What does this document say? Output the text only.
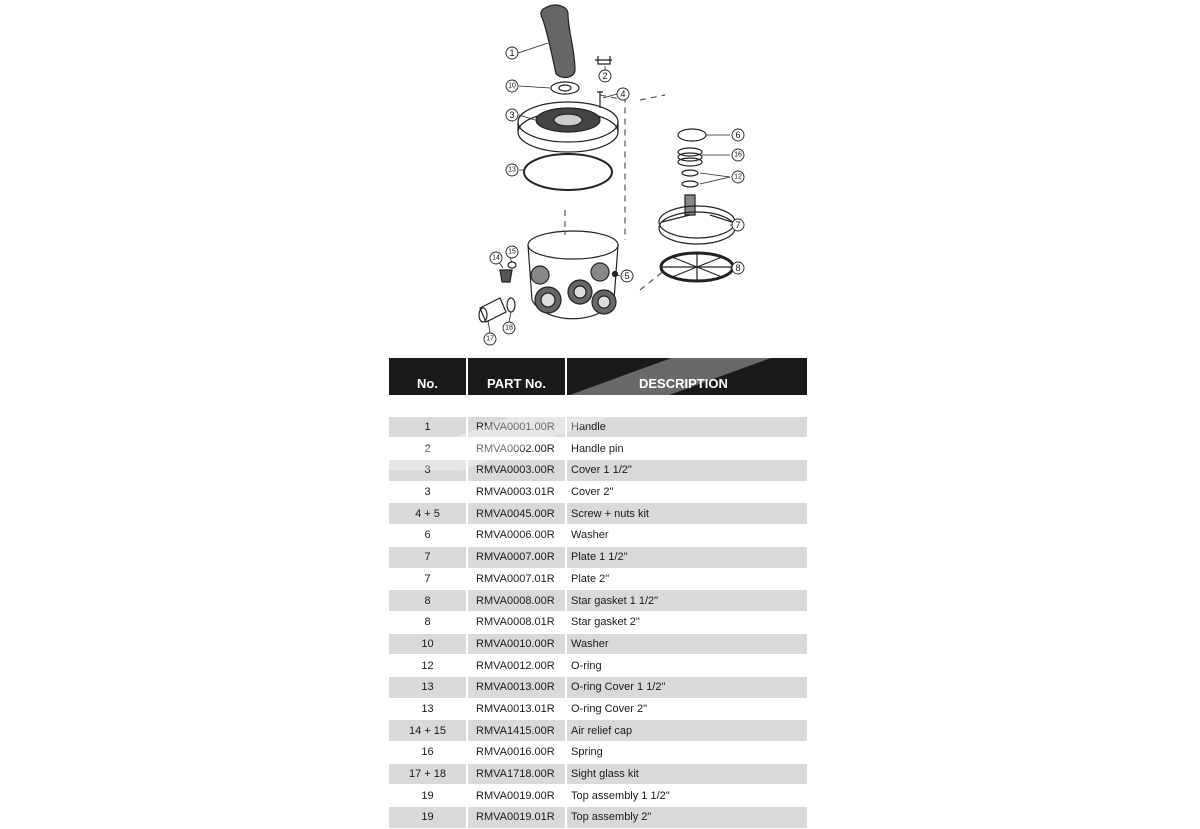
1
2
10
4
3
13
6
16
12
7
8
5
15
14
18
17
No.	PART No.	DESCRIPTION

1	RMVA0001.00R	Handle
2	RMVA0002.00R	Handle pin
3	RMVA0003.00R	Cover 1 1/2"
3	RMVA0003.01R	Cover 2"
4 + 5	RMVA0045.00R	Screw + nuts kit
6	RMVA0006.00R	Washer
7	RMVA0007.00R	Plate 1 1/2"
7	RMVA0007.01R	Plate 2"
8	RMVA0008.00R	Star gasket 1 1/2"
8	RMVA0008.01R	Star gasket 2"
10	RMVA0010.00R	Washer
12	RMVA0012.00R	O-ring
13	RMVA0013.00R	O-ring Cover 1 1/2"
13	RMVA0013.01R	O-ring Cover 2"
14 + 15	RMVA1415.00R	Air relief cap
16	RMVA0016.00R	Spring
17 + 18	RMVA1718.00R	Sight glass kit
19	RMVA0019.00R	Top assembly 1 1/2"
19	RMVA0019.01R	Top assembly 2"
